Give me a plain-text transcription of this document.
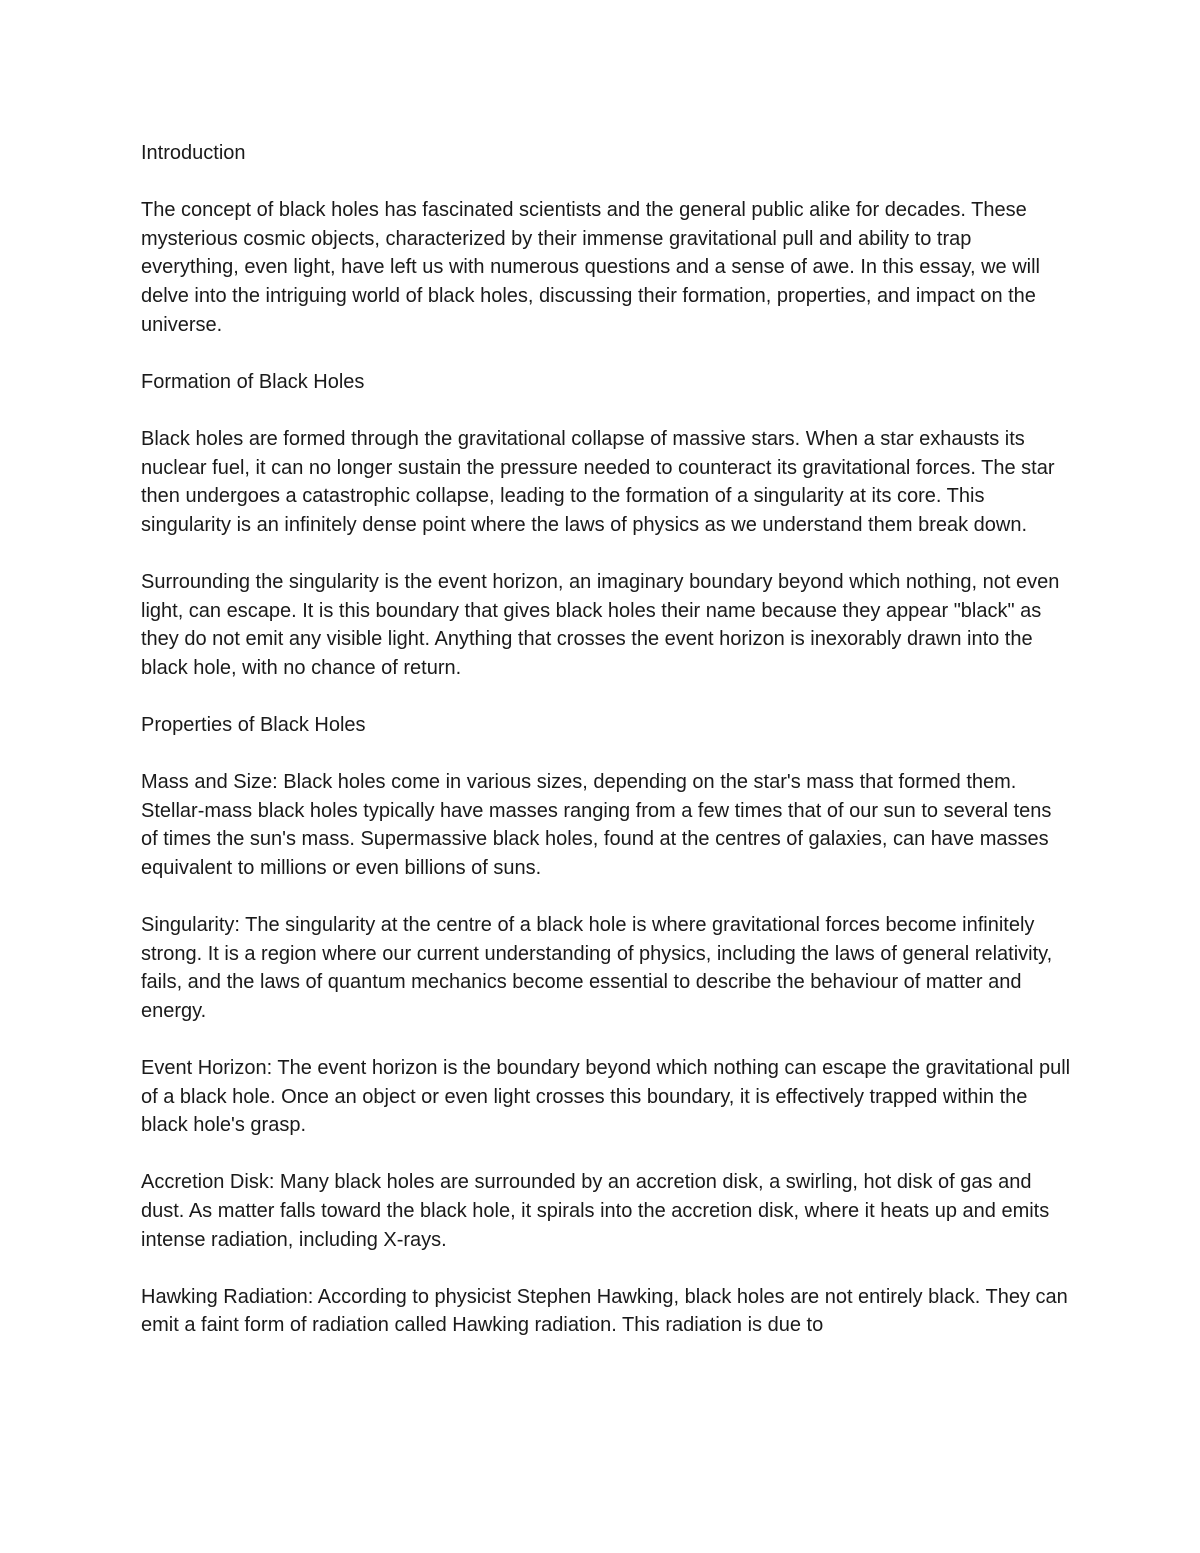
Introduction

The concept of black holes has fascinated scientists and the general public alike for decades. These mysterious cosmic objects, characterized by their immense gravitational pull and ability to trap everything, even light, have left us with numerous questions and a sense of awe. In this essay, we will delve into the intriguing world of black holes, discussing their formation, properties, and impact on the universe.

Formation of Black Holes

Black holes are formed through the gravitational collapse of massive stars. When a star exhausts its nuclear fuel, it can no longer sustain the pressure needed to counteract its gravitational forces. The star then undergoes a catastrophic collapse, leading to the formation of a singularity at its core. This singularity is an infinitely dense point where the laws of physics as we understand them break down.

Surrounding the singularity is the event horizon, an imaginary boundary beyond which nothing, not even light, can escape. It is this boundary that gives black holes their name because they appear "black" as they do not emit any visible light. Anything that crosses the event horizon is inexorably drawn into the black hole, with no chance of return.

Properties of Black Holes

Mass and Size: Black holes come in various sizes, depending on the star's mass that formed them. Stellar-mass black holes typically have masses ranging from a few times that of our sun to several tens of times the sun's mass. Supermassive black holes, found at the centres of galaxies, can have masses equivalent to millions or even billions of suns.

Singularity: The singularity at the centre of a black hole is where gravitational forces become infinitely strong. It is a region where our current understanding of physics, including the laws of general relativity, fails, and the laws of quantum mechanics become essential to describe the behaviour of matter and energy.

Event Horizon: The event horizon is the boundary beyond which nothing can escape the gravitational pull of a black hole. Once an object or even light crosses this boundary, it is effectively trapped within the black hole's grasp.

Accretion Disk: Many black holes are surrounded by an accretion disk, a swirling, hot disk of gas and dust. As matter falls toward the black hole, it spirals into the accretion disk, where it heats up and emits intense radiation, including X-rays.

Hawking Radiation: According to physicist Stephen Hawking, black holes are not entirely black. They can emit a faint form of radiation called Hawking radiation. This radiation is due to
